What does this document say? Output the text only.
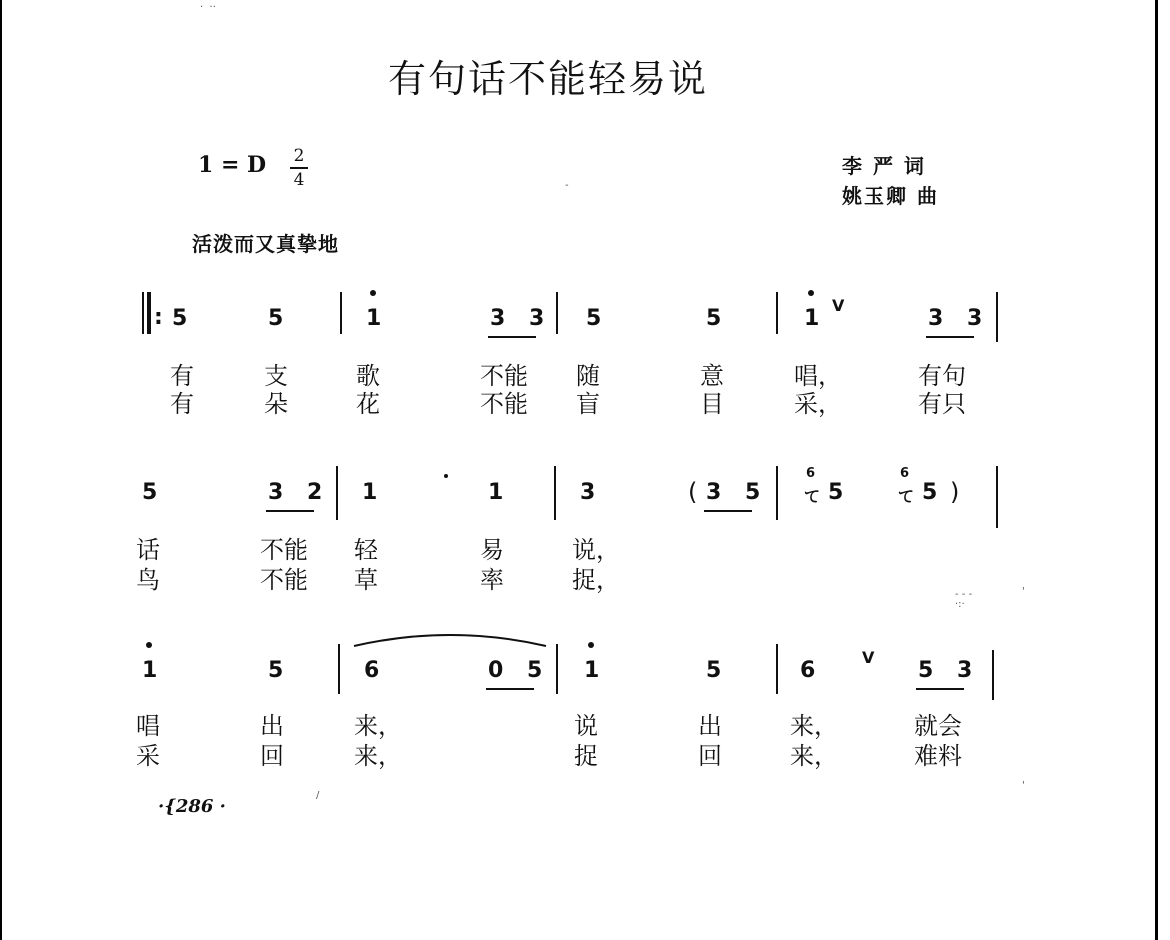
·  ··
-
- - -
·:·
'
'
/
有句话不能轻易说
1 = D 2
4
李 严 词
姚玉卿 曲
活泼而又真挚地
: 5	5	1	3 3 5	5	1
V
3 3
有	支	歌	不能 随	意	唱，	有句
有	朵	花	不能 盲	目	采，	有只
5	3 2 1	1	3	( 3 5
6
て 5
6
て 5 )
话	不能 轻	易	说，
鸟	不能 草	率	捉，
1	5	6	0 5 1	5	6
V
5 3
唱	出	来，	说	出	来，	就会
采	回	来，	捉	回	来，	难料
·{286 ·
